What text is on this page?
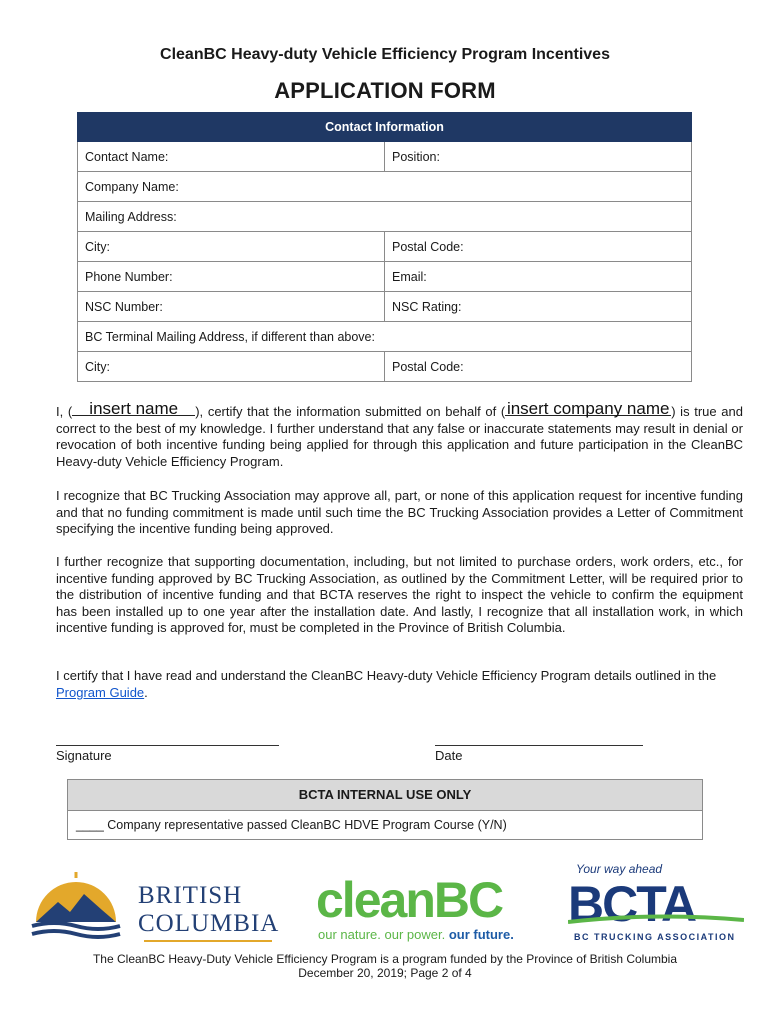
CleanBC Heavy-duty Vehicle Efficiency Program Incentives
APPLICATION FORM
Contact Information	
Contact Name:	Position:
Company Name:	
Mailing Address:	
City:	Postal Code:
Phone Number:	Email:
NSC Number:	NSC Rating:
BC Terminal Mailing Address, if different than above:	
City:	Postal Code:
I, (	insert name	), certify that the information submitted on behalf of ( insert company name ) is true and correct to the best of my knowledge. I further understand that any false or inaccurate statements may result in denial or revocation of both incentive funding being applied for through this application and future participation in the CleanBC Heavy-duty Vehicle Efficiency Program.
I recognize that BC Trucking Association may approve all, part, or none of this application request for incentive funding and that no funding commitment is made until such time the BC Trucking Association provides a Letter of Commitment specifying the incentive funding being approved.
I further recognize that supporting documentation, including, but not limited to purchase orders, work orders, etc., for incentive funding approved by BC Trucking Association, as outlined by the Commitment Letter, will be required prior to the distribution of incentive funding and that BCTA reserves the right to inspect the vehicle to confirm the equipment has been installed up to one year after the installation date. And lastly, I recognize that all installation work, in which incentive funding is approved for, must be completed in the Province of British Columbia.
I certify that I have read and understand the CleanBC Heavy-duty Vehicle Efficiency Program details outlined in the Program Guide.
Signature	Date
BCTA INTERNAL USE ONLY
____ Company representative passed CleanBC HDVE Program Course (Y/N)
BRITISH
COLUMBIA cleanBC
our nature. our power. our future.
Your way ahead
BCTA
BC TRUCKING ASSOCIATION
The CleanBC Heavy-Duty Vehicle Efficiency Program is a program funded by the Province of British Columbia
December 20, 2019; Page 2 of 4
